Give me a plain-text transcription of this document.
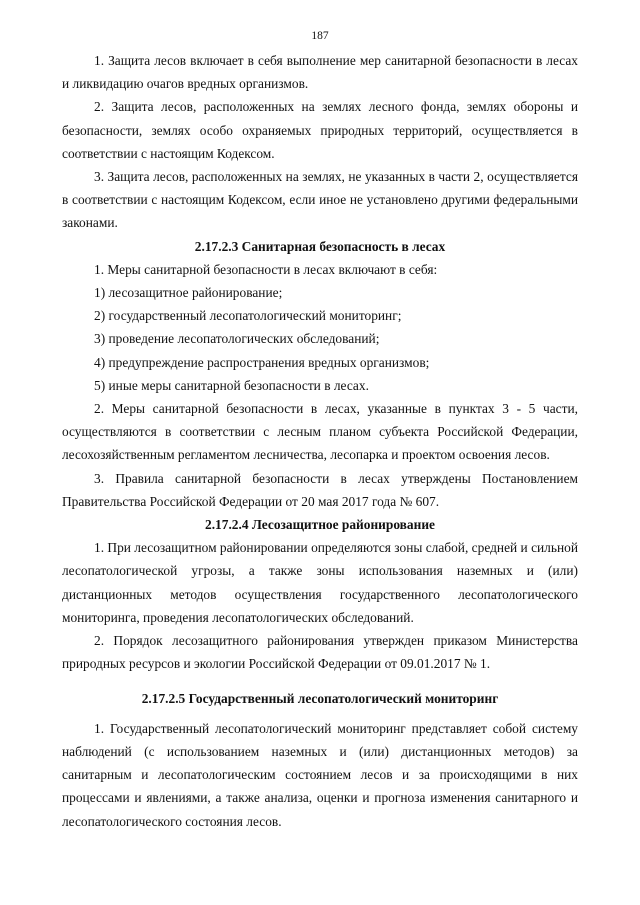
187

1. Защита лесов включает в себя выполнение мер санитарной безопасности в лесах и ликвидацию очагов вредных организмов.

2. Защита лесов, расположенных на землях лесного фонда, землях обороны и безопасности, землях особо охраняемых природных территорий, осуществляется в соответствии с настоящим Кодексом.

3. Защита лесов, расположенных на землях, не указанных в части 2, осуществляется в соответствии с настоящим Кодексом, если иное не установлено другими федеральными законами.

2.17.2.3 Санитарная безопасность в лесах

1. Меры санитарной безопасности в лесах включают в себя:

1) лесозащитное районирование;

2) государственный лесопатологический мониторинг;

3) проведение лесопатологических обследований;

4) предупреждение распространения вредных организмов;

5) иные меры санитарной безопасности в лесах.

2. Меры санитарной безопасности в лесах, указанные в пунктах 3 - 5 части, осуществляются в соответствии с лесным планом субъекта Российской Федерации, лесохозяйственным регламентом лесничества, лесопарка и проектом освоения лесов.

3. Правила санитарной безопасности в лесах утверждены Постановлением Правительства Российской Федерации от 20 мая 2017 года № 607.

2.17.2.4 Лесозащитное районирование

1. При лесозащитном районировании определяются зоны слабой, средней и сильной лесопатологической угрозы, а также зоны использования наземных и (или) дистанционных методов осуществления государственного лесопатологического мониторинга, проведения лесопатологических обследований.

2. Порядок лесозащитного районирования утвержден приказом Министерства природных ресурсов и экологии Российской Федерации от 09.01.2017 № 1.

2.17.2.5 Государственный лесопатологический мониторинг

1. Государственный лесопатологический мониторинг представляет собой систему наблюдений (с использованием наземных и (или) дистанционных методов) за санитарным и лесопатологическим состоянием лесов и за происходящими в них процессами и явлениями, а также анализа, оценки и прогноза изменения санитарного и лесопатологического состояния лесов.
